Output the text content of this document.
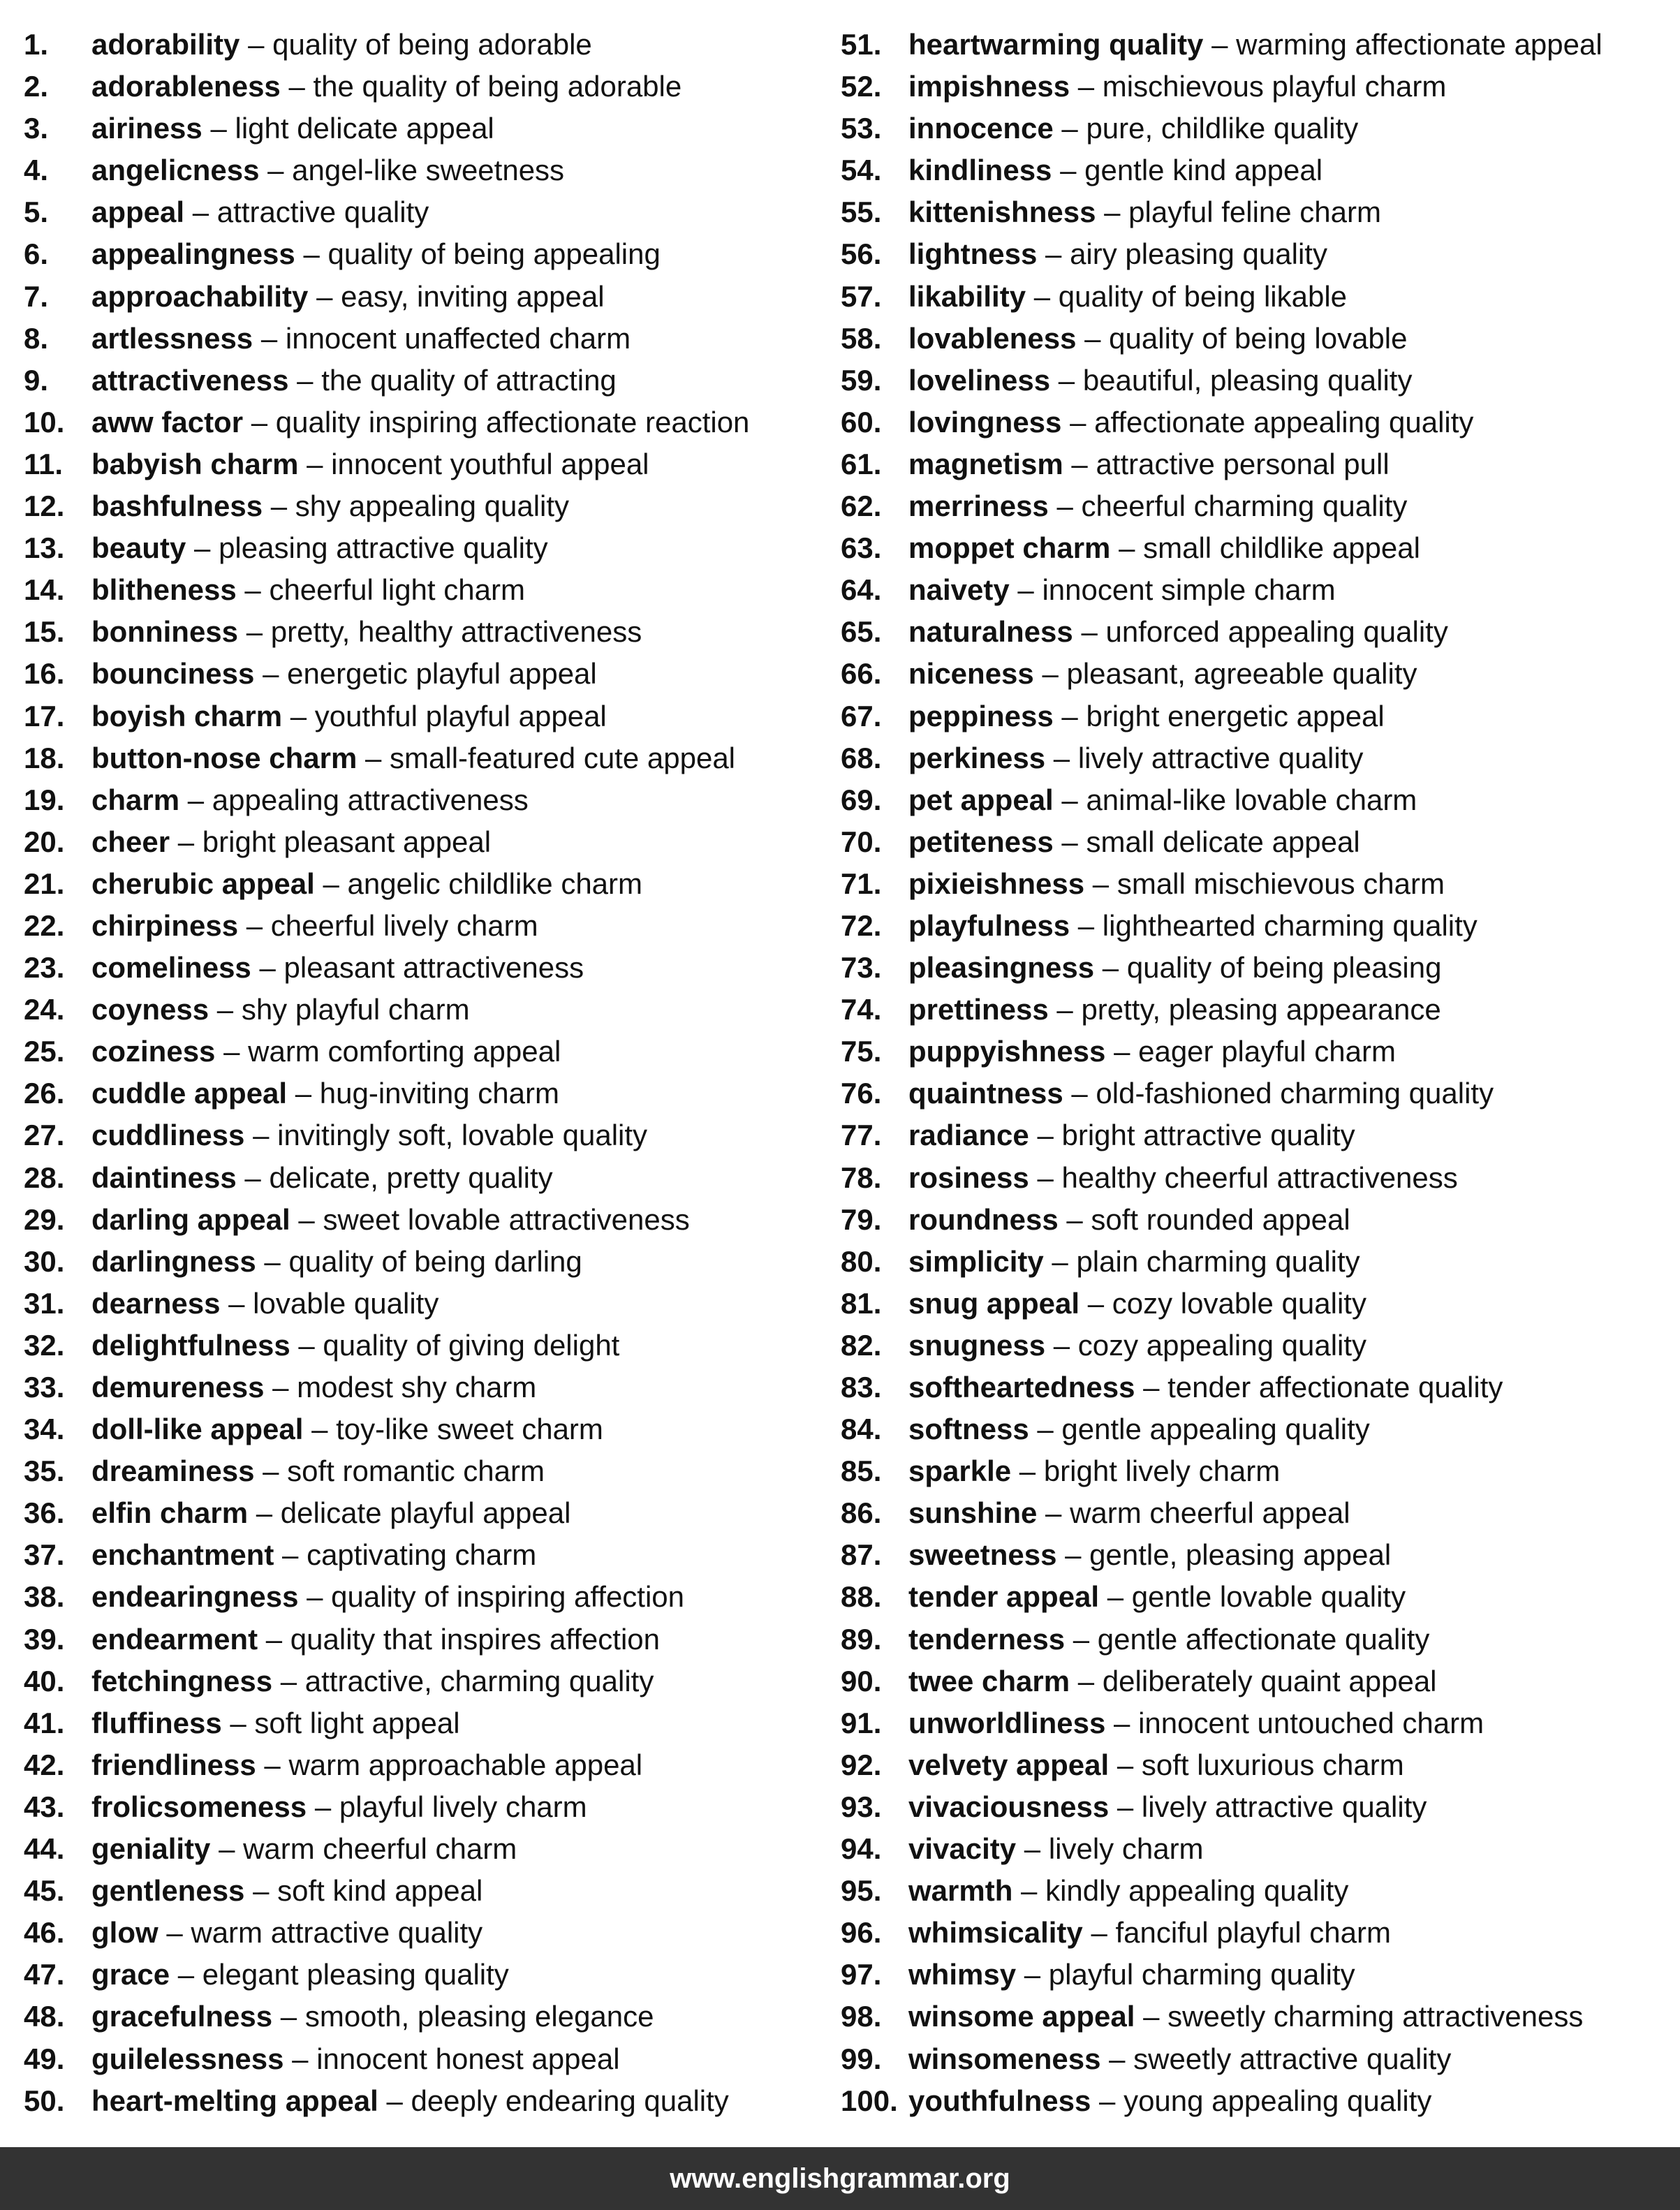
1. adorability – quality of being adorable
2. adorableness – the quality of being adorable
3. airiness – light delicate appeal
4. angelicness – angel-like sweetness
5. appeal – attractive quality
6. appealingness – quality of being appealing
7. approachability – easy, inviting appeal
8. artlessness – innocent unaffected charm
9. attractiveness – the quality of attracting
10. aww factor – quality inspiring affectionate reaction
11. babyish charm – innocent youthful appeal
12. bashfulness – shy appealing quality
13. beauty – pleasing attractive quality
14. blitheness – cheerful light charm
15. bonniness – pretty, healthy attractiveness
16. bounciness – energetic playful appeal
17. boyish charm – youthful playful appeal
18. button-nose charm – small-featured cute appeal
19. charm – appealing attractiveness
20. cheer – bright pleasant appeal
21. cherubic appeal – angelic childlike charm
22. chirpiness – cheerful lively charm
23. comeliness – pleasant attractiveness
24. coyness – shy playful charm
25. coziness – warm comforting appeal
26. cuddle appeal – hug-inviting charm
27. cuddliness – invitingly soft, lovable quality
28. daintiness – delicate, pretty quality
29. darling appeal – sweet lovable attractiveness
30. darlingness – quality of being darling
31. dearness – lovable quality
32. delightfulness – quality of giving delight
33. demureness – modest shy charm
34. doll-like appeal – toy-like sweet charm
35. dreaminess – soft romantic charm
36. elfin charm – delicate playful appeal
37. enchantment – captivating charm
38. endearingness – quality of inspiring affection
39. endearment – quality that inspires affection
40. fetchingness – attractive, charming quality
41. fluffiness – soft light appeal
42. friendliness – warm approachable appeal
43. frolicsomeness – playful lively charm
44. geniality – warm cheerful charm
45. gentleness – soft kind appeal
46. glow – warm attractive quality
47. grace – elegant pleasing quality
48. gracefulness – smooth, pleasing elegance
49. guilelessness – innocent honest appeal
50. heart-melting appeal – deeply endearing quality
51. heartwarming quality – warming affectionate appeal
52. impishness – mischievous playful charm
53. innocence – pure, childlike quality
54. kindliness – gentle kind appeal
55. kittenishness – playful feline charm
56. lightness – airy pleasing quality
57. likability – quality of being likable
58. lovableness – quality of being lovable
59. loveliness – beautiful, pleasing quality
60. lovingness – affectionate appealing quality
61. magnetism – attractive personal pull
62. merriness – cheerful charming quality
63. moppet charm – small childlike appeal
64. naivety – innocent simple charm
65. naturalness – unforced appealing quality
66. niceness – pleasant, agreeable quality
67. peppiness – bright energetic appeal
68. perkiness – lively attractive quality
69. pet appeal – animal-like lovable charm
70. petiteness – small delicate appeal
71. pixieishness – small mischievous charm
72. playfulness – lighthearted charming quality
73. pleasingness – quality of being pleasing
74. prettiness – pretty, pleasing appearance
75. puppyishness – eager playful charm
76. quaintness – old-fashioned charming quality
77. radiance – bright attractive quality
78. rosiness – healthy cheerful attractiveness
79. roundness – soft rounded appeal
80. simplicity – plain charming quality
81. snug appeal – cozy lovable quality
82. snugness – cozy appealing quality
83. softheartedness – tender affectionate quality
84. softness – gentle appealing quality
85. sparkle – bright lively charm
86. sunshine – warm cheerful appeal
87. sweetness – gentle, pleasing appeal
88. tender appeal – gentle lovable quality
89. tenderness – gentle affectionate quality
90. twee charm – deliberately quaint appeal
91. unworldliness – innocent untouched charm
92. velvety appeal – soft luxurious charm
93. vivaciousness – lively attractive quality
94. vivacity – lively charm
95. warmth – kindly appealing quality
96. whimsicality – fanciful playful charm
97. whimsy – playful charming quality
98. winsome appeal – sweetly charming attractiveness
99. winsomeness – sweetly attractive quality
100. youthfulness – young appealing quality
www.englishgrammar.org
